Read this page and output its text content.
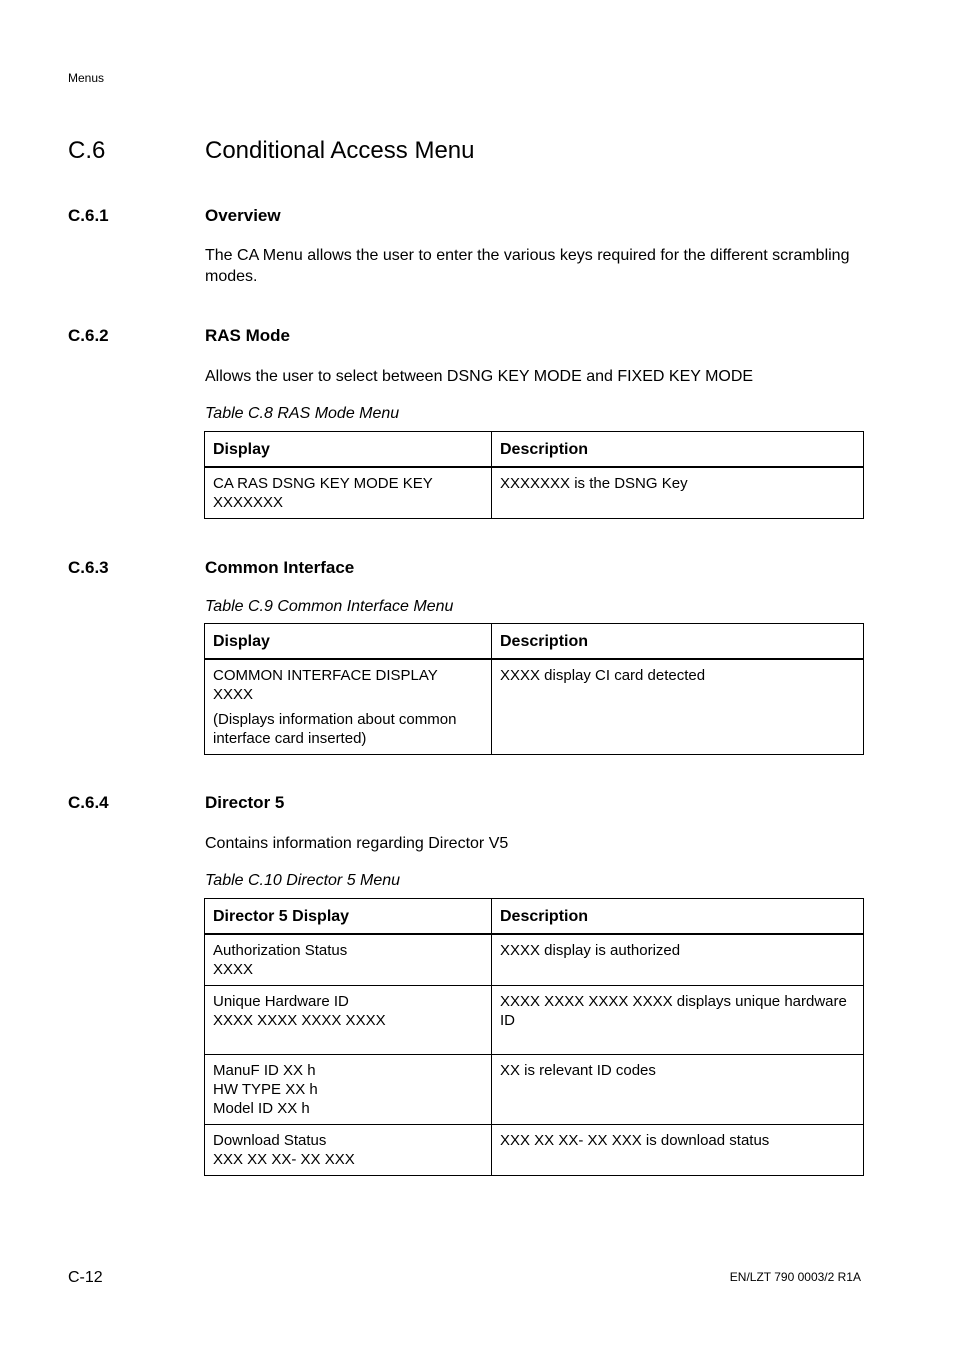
Menus
C.6	Conditional Access Menu
C.6.1	Overview
The CA Menu allows the user to enter the various keys required for the different scrambling modes.
C.6.2	RAS Mode
Allows the user to select between DSNG KEY MODE and FIXED KEY MODE
Table C.8 RAS Mode Menu
Display	Description

CA RAS DSNG KEY MODE KEY
XXXXXXX	XXXXXXX is the DSNG Key
C.6.3	Common Interface
Table C.9 Common Interface Menu
Display	Description

COMMON INTERFACE DISPLAY
XXXX
(Displays information about common interface card inserted)	XXXX display CI card detected
C.6.4	Director 5
Contains information regarding Director V5
Table C.10 Director 5 Menu
Director 5 Display	Description

Authorization Status
XXXX	XXXX display is authorized

Unique Hardware ID
XXXX XXXX XXXX XXXX	XXXX XXXX XXXX XXXX displays unique hardware ID

ManuF ID XX h
HW TYPE XX h
Model ID XX h	XX is relevant ID codes

Download Status
XXX XX XX- XX XXX	XXX XX XX- XX XXX is download status
C-12	EN/LZT 790 0003/2 R1A
